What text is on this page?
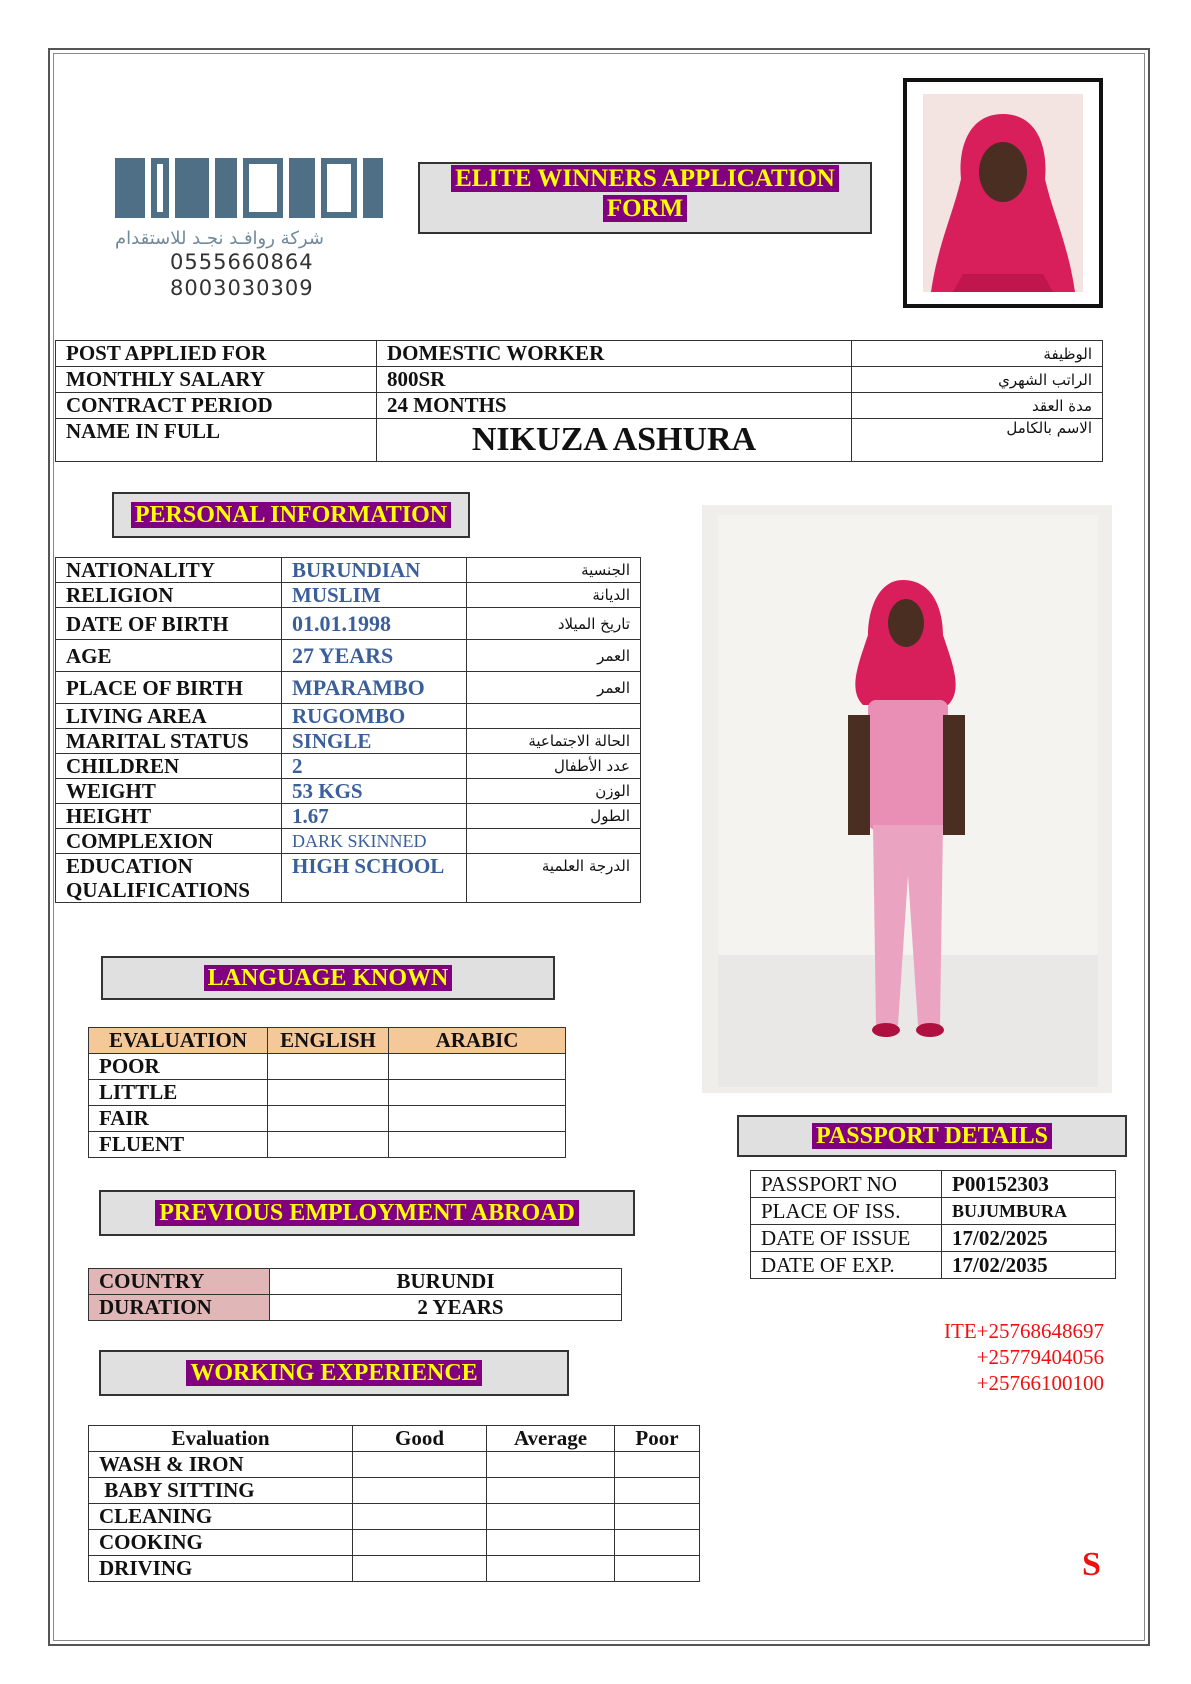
شركة روافـد نجـد للاستقدام
0555660864
8003030309
ELITE WINNERS APPLICATION
FORM
POST APPLIED FOR	DOMESTIC WORKER	الوظيفة
MONTHLY SALARY	800SR	الراتب الشهري
CONTRACT PERIOD	24 MONTHS	مدة العقد
NAME IN FULL	NIKUZA ASHURA	الاسم بالكامل
PERSONAL INFORMATION
NATIONALITY	BURUNDIAN	الجنسية
RELIGION	MUSLIM	الديانة
DATE OF BIRTH	01.01.1998	تاريخ الميلاد
AGE	27 YEARS	العمر
PLACE OF BIRTH	MPARAMBO	العمر
LIVING AREA	RUGOMBO	
MARITAL STATUS	SINGLE	الحالة الاجتماعية
CHILDREN	2	عدد الأطفال
WEIGHT	53 KGS	الوزن
HEIGHT	1.67	الطول
COMPLEXION	DARK SKINNED	
EDUCATION QUALIFICATIONS	HIGH SCHOOL	الدرجة العلمية
LANGUAGE KNOWN
EVALUATION	ENGLISH	ARABIC
POOR		
LITTLE		
FAIR		
FLUENT		
PREVIOUS EMPLOYMENT ABROAD
COUNTRY	BURUNDI
DURATION	2 YEARS
WORKING EXPERIENCE
Evaluation	Good	Average	Poor
WASH & IRON			
BABY SITTING			
CLEANING			
COOKING			
DRIVING			
PASSPORT DETAILS
PASSPORT NO	P00152303
PLACE OF ISS.	BUJUMBURA
DATE OF ISSUE	17/02/2025
DATE OF EXP.	17/02/2035
ITE+25768648697
+25779404056
+25766100100
S
